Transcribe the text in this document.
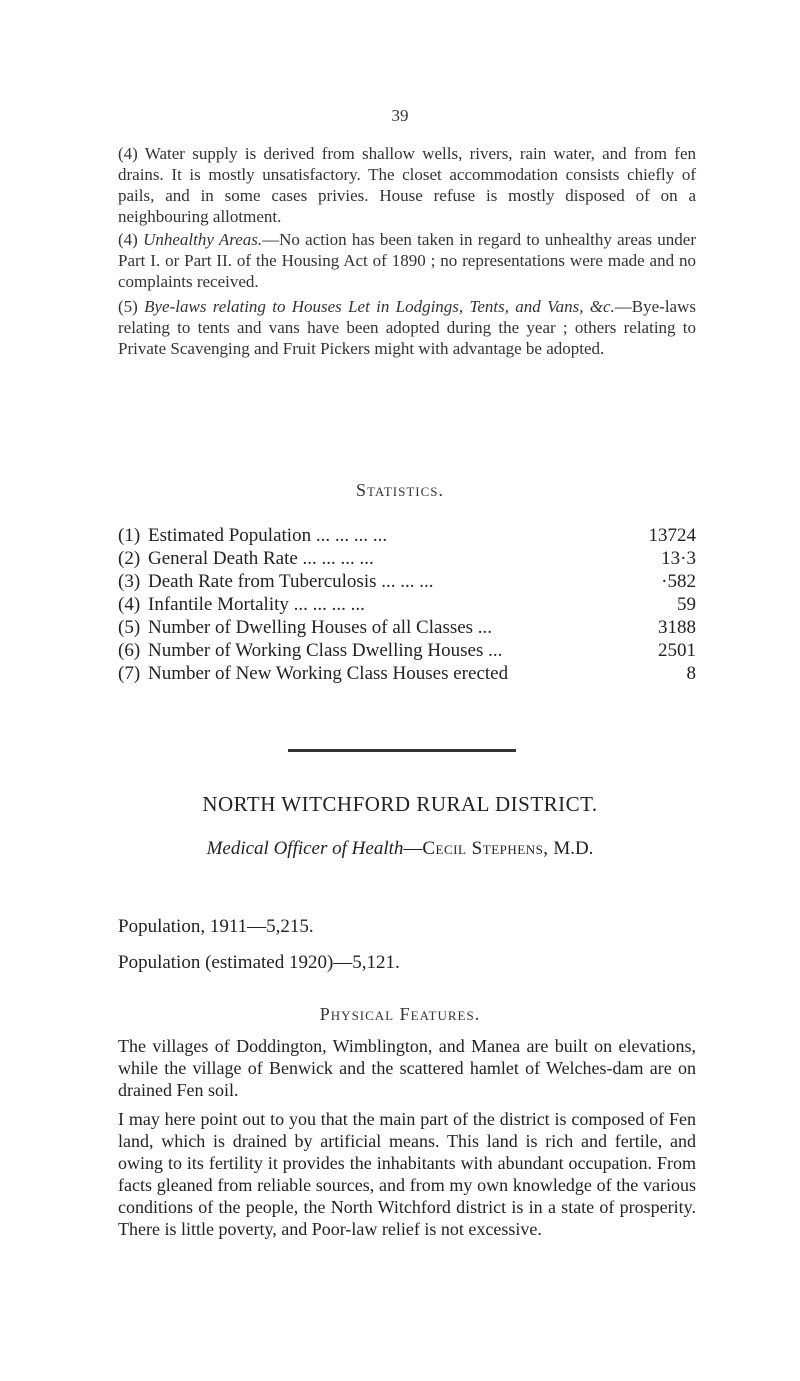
39
(4) Water supply is derived from shallow wells, rivers, rain water, and from fen drains. It is mostly unsatisfactory. The closet accommodation consists chiefly of pails, and in some cases privies. House refuse is mostly disposed of on a neighbouring allotment.
(4) Unhealthy Areas.—No action has been taken in regard to unhealthy areas under Part I. or Part II. of the Housing Act of 1890 ; no representations were made and no complaints received.
(5) Bye-laws relating to Houses Let in Lodgings, Tents, and Vans, &c.—Bye-laws relating to tents and vans have been adopted during the year ; others relating to Private Scavenging and Fruit Pickers might with advantage be adopted.
Statistics.
(1) Estimated Population ... ... ... ...	13724
(2) General Death Rate ... ... ... ...	13·3
(3) Death Rate from Tuberculosis ... ... ...	·582
(4) Infantile Mortality ... ... ... ...	59
(5) Number of Dwelling Houses of all Classes ...	3188
(6) Number of Working Class Dwelling Houses ...	2501
(7) Number of New Working Class Houses erected	8
NORTH WITCHFORD RURAL DISTRICT.
Medical Officer of Health—Cecil Stephens, M.D.
Population, 1911—5,215.
Population (estimated 1920)—5,121.
Physical Features.
The villages of Doddington, Wimblington, and Manea are built on elevations, while the village of Benwick and the scattered hamlet of Welches-dam are on drained Fen soil.
I may here point out to you that the main part of the district is composed of Fen land, which is drained by artificial means. This land is rich and fertile, and owing to its fertility it provides the inhabitants with abundant occupation. From facts gleaned from reliable sources, and from my own knowledge of the various conditions of the people, the North Witchford district is in a state of prosperity. There is little poverty, and Poor-law relief is not excessive.
